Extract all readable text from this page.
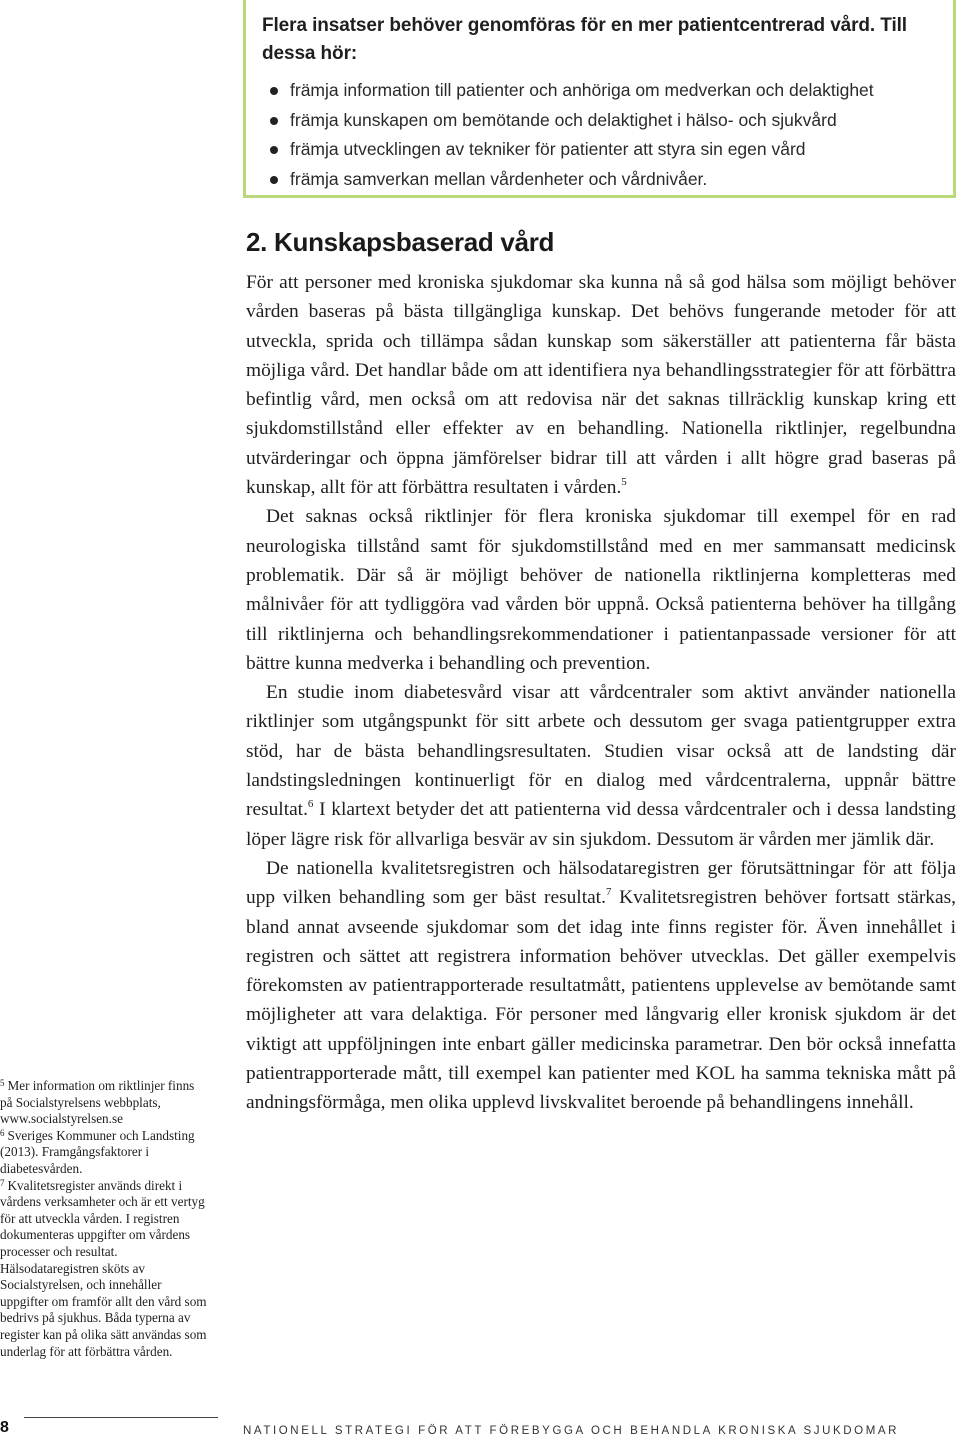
Flera insatser behöver genomföras för en mer patientcentrerad vård. Till dessa hör:

främja information till patienter och anhöriga om medverkan och delaktighet
främja kunskapen om bemötande och delaktighet i hälso- och sjukvård
främja utvecklingen av tekniker för patienter att styra sin egen vård
främja samverkan mellan vårdenheter och vårdnivåer.
2. Kunskapsbaserad vård

För att personer med kroniska sjukdomar ska kunna nå så god hälsa som möjligt behöver vården baseras på bästa tillgängliga kunskap. Det behövs fungerande metoder för att utveckla, sprida och tillämpa sådan kunskap som säkerställer att patienterna får bästa möjliga vård. Det handlar både om att identifiera nya behandlingsstrategier för att förbättra befintlig vård, men också om att redovisa när det saknas tillräcklig kunskap kring ett sjukdomstillstånd eller effekter av en behandling. Nationella riktlinjer, regelbundna utvärderingar och öppna jämförelser bidrar till att vården i allt högre grad baseras på kunskap, allt för att förbättra resultaten i vården.$^5$

Det saknas också riktlinjer för flera kroniska sjukdomar till exempel för en rad neurologiska tillstånd samt för sjukdomstillstånd med en mer sammansatt medicinsk problematik. Där så är möjligt behöver de nationella riktlinjerna kompletteras med målnivåer för att tydliggöra vad vården bör uppnå. Också patienterna behöver ha tillgång till riktlinjerna och behandlingsrekommendationer i patientanpassade versioner för att bättre kunna medverka i behandling och prevention.

En studie inom diabetesvård visar att vårdcentraler som aktivt använder nationella riktlinjer som utgångspunkt för sitt arbete och dessutom ger svaga patientgrupper extra stöd, har de bästa behandlingsresultaten. Studien visar också att de landsting där landstingsledningen kontinuerligt för en dialog med vårdcentralerna, uppnår bättre resultat.$^6$ I klartext betyder det att patienterna vid dessa vårdcentraler och i dessa landsting löper lägre risk för allvarliga besvär av sin sjukdom. Dessutom är vården mer jämlik där.

De nationella kvalitetsregistren och hälsodataregistren ger förutsättningar för att följa upp vilken behandling som ger bäst resultat.$^7$ Kvalitetsregistren behöver fortsatt stärkas, bland annat avseende sjukdomar som det idag inte finns register för. Även innehållet i registren och sättet att registrera information behöver utvecklas. Det gäller exempelvis förekomsten av patientrapporterade resultatmått, patientens upplevelse av bemötande samt möjligheter att vara delaktiga. För personer med långvarig eller kronisk sjukdom är det viktigt att uppföljningen inte enbart gäller medicinska parametrar. Den bör också innefatta patientrapporterade mått, till exempel kan patienter med KOL ha samma tekniska mått på andningsförmåga, men olika upplevd livskvalitet beroende på behandlingens innehåll.

$^5$ Mer information om riktlinjer finns på Socialstyrelsens webbplats, www.socialstyrelsen.se

$^6$ Sveriges Kommuner och Landsting (2013). Framgångsfaktorer i diabetesvården.

$^7$ Kvalitetsregister används direkt i vårdens verksamheter och är ett vertyg för att utveckla vården. I registren dokumenteras uppgifter om vårdens processer och resultat. Hälsodataregistren sköts av Socialstyrelsen, och innehåller uppgifter om framför allt den vård som bedrivs på sjukhus. Båda typerna av register kan på olika sätt användas som underlag för att förbättra vården.

8	NATIONELL STRATEGI FÖR ATT FÖREBYGGA OCH BEHANDLA KRONISKA SJUKDOMAR
